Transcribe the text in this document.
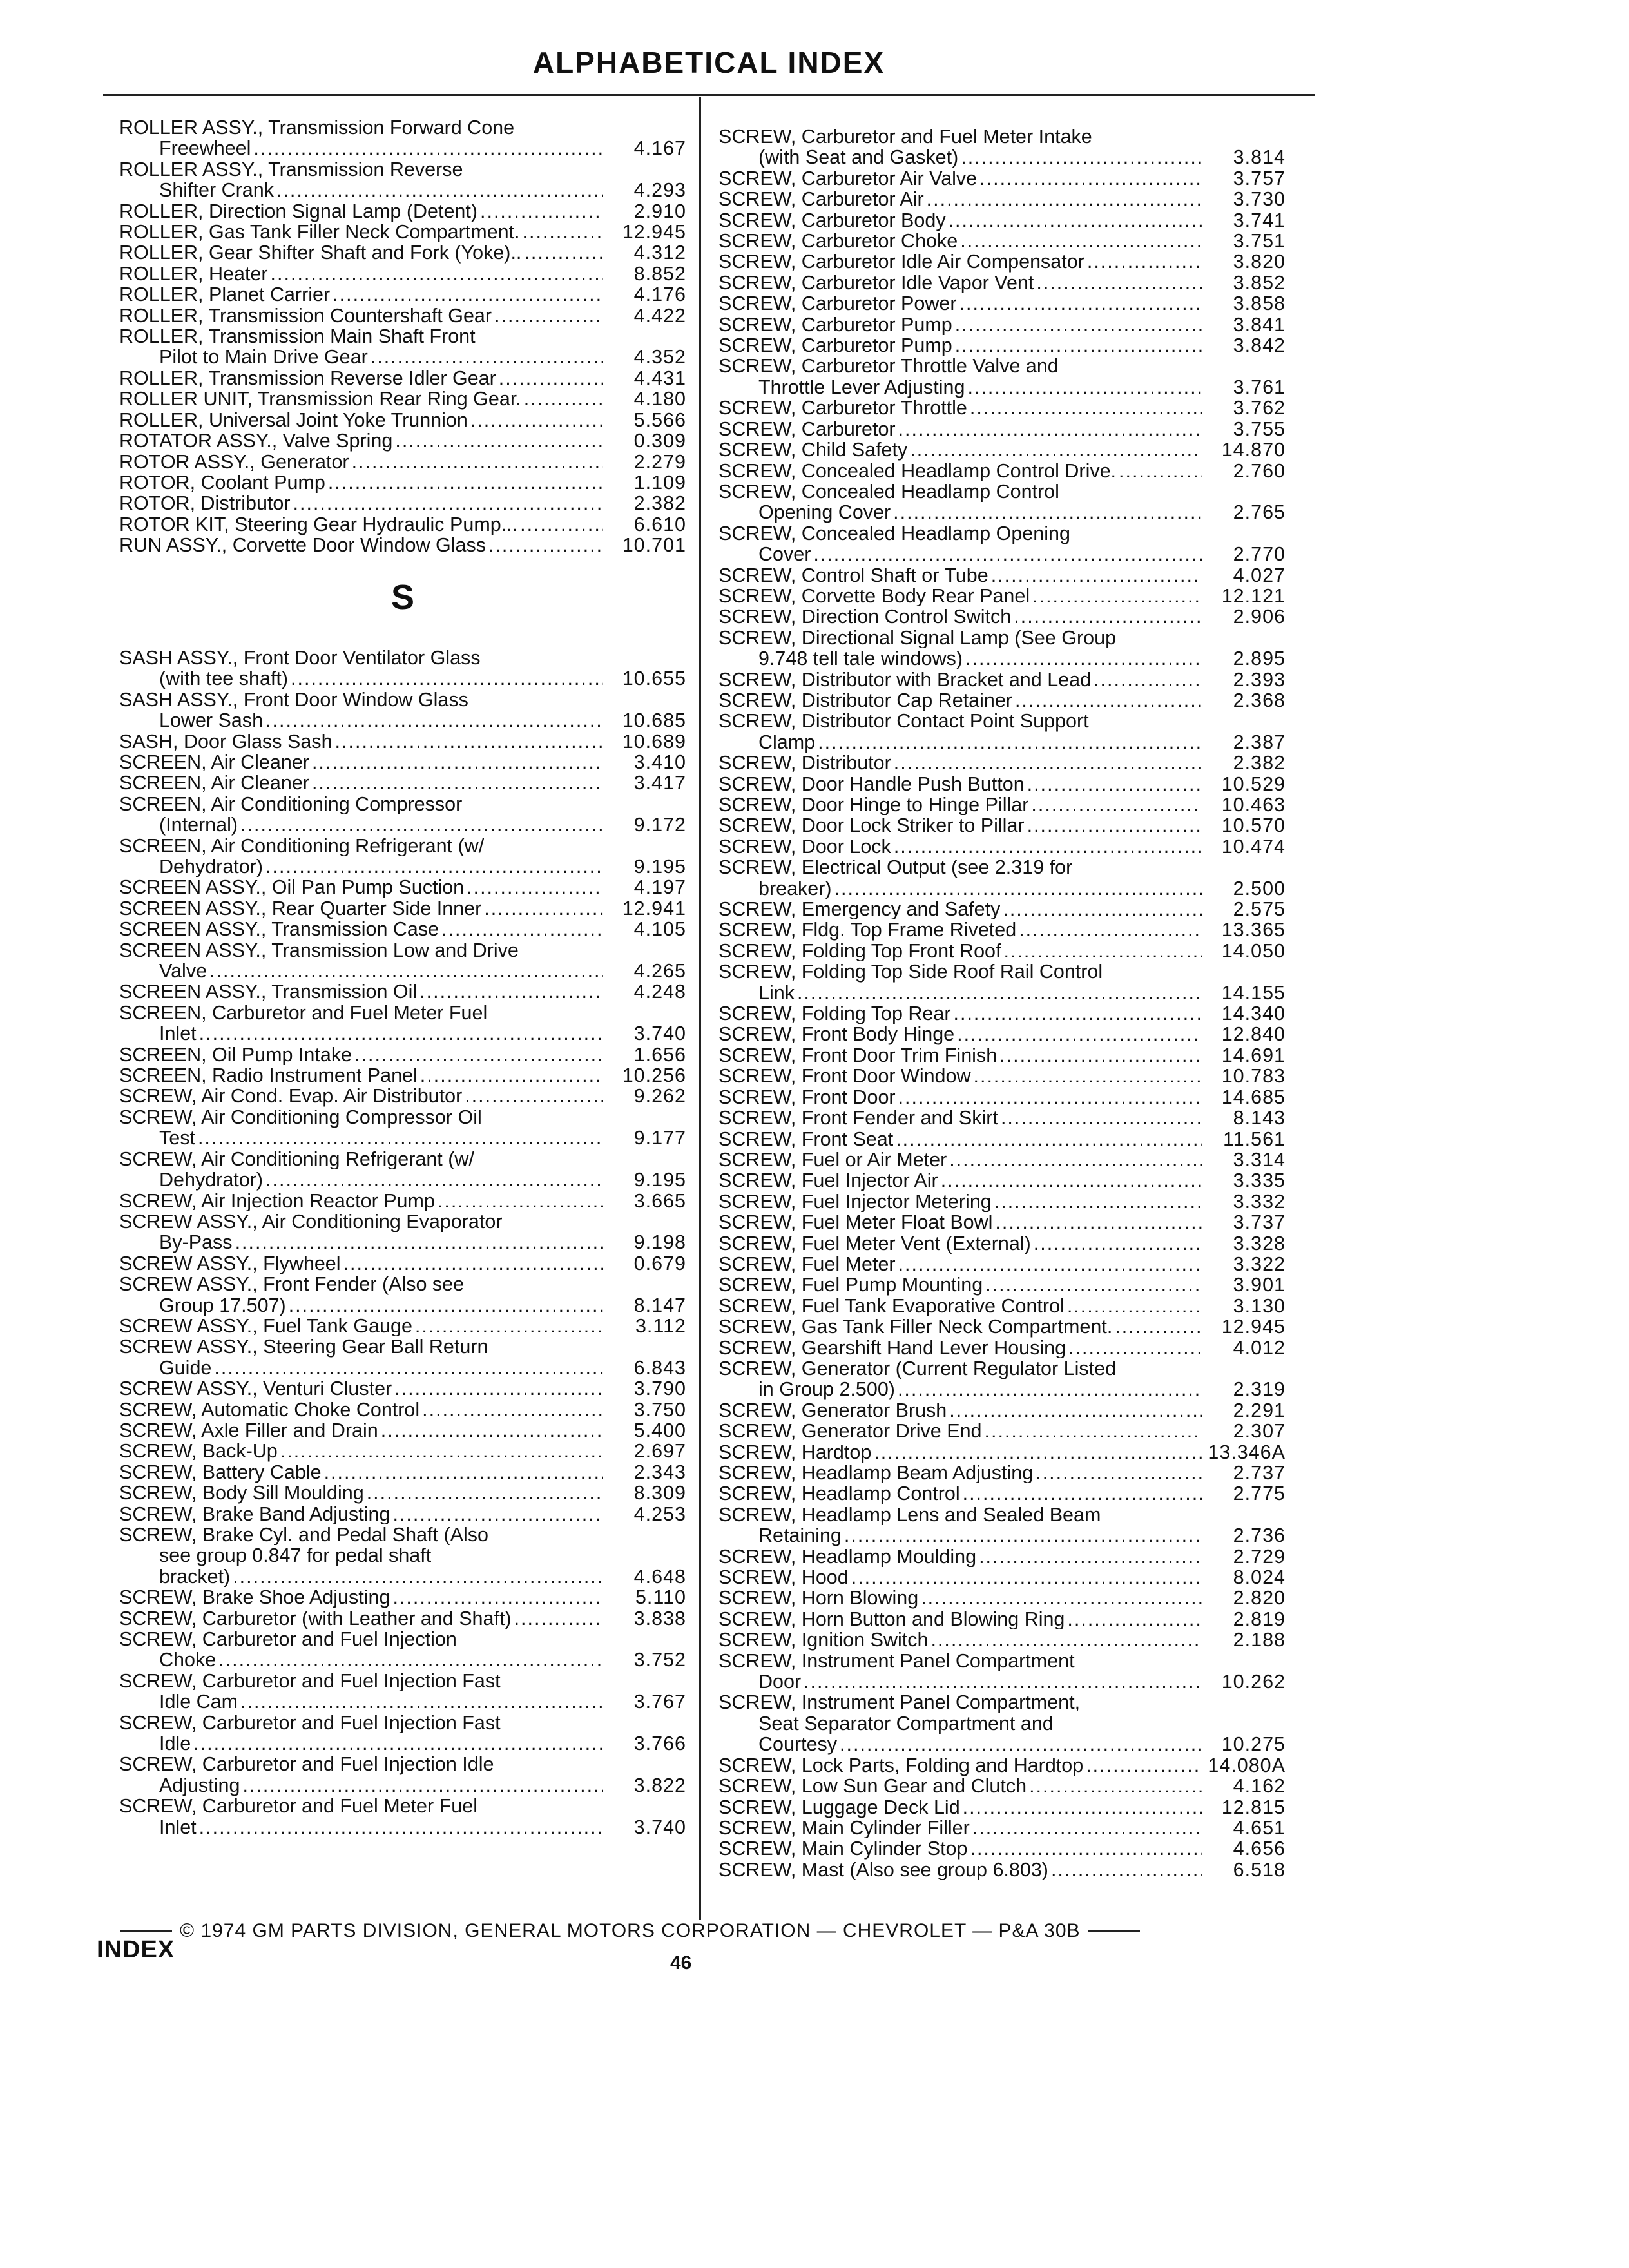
ALPHABETICAL INDEX
ROLLER ASSY., Transmission Forward Cone
Freewheel .....	4.167
ROLLER ASSY., Transmission Reverse
Shifter Crank .....	4.293
ROLLER, Direction Signal Lamp (Detent) .....	2.910
ROLLER, Gas Tank Filler Neck Compartment. .....	12.945
ROLLER, Gear Shifter Shaft and Fork (Yoke).. .....	4.312
ROLLER, Heater .....	8.852
ROLLER, Planet Carrier .....	4.176
ROLLER, Transmission Countershaft Gear .....	4.422
ROLLER, Transmission Main Shaft Front
Pilot to Main Drive Gear .....	4.352
ROLLER, Transmission Reverse Idler Gear .....	4.431
ROLLER UNIT, Transmission Rear Ring Gear. .....	4.180
ROLLER, Universal Joint Yoke Trunnion .....	5.566
ROTATOR ASSY., Valve Spring .....	0.309
ROTOR ASSY., Generator .....	2.279
ROTOR, Coolant Pump .....	1.109
ROTOR, Distributor .....	2.382
ROTOR KIT, Steering Gear Hydraulic Pump... .....	6.610
RUN ASSY., Corvette Door Window Glass .....	10.701
S
SASH ASSY., Front Door Ventilator Glass
(with tee shaft) .....	10.655
SASH ASSY., Front Door Window Glass
Lower Sash .....	10.685
SASH, Door Glass Sash .....	10.689
SCREEN, Air Cleaner .....	3.410
SCREEN, Air Cleaner .....	3.417
SCREEN, Air Conditioning Compressor
(Internal) .....	9.172
SCREEN, Air Conditioning Refrigerant (w/
Dehydrator) .....	9.195
SCREEN ASSY., Oil Pan Pump Suction .....	4.197
SCREEN ASSY., Rear Quarter Side Inner .....	12.941
SCREEN ASSY., Transmission Case .....	4.105
SCREEN ASSY., Transmission Low and Drive
Valve .....	4.265
SCREEN ASSY., Transmission Oil .....	4.248
SCREEN, Carburetor and Fuel Meter Fuel
Inlet .....	3.740
SCREEN, Oil Pump Intake .....	1.656
SCREEN, Radio Instrument Panel .....	10.256
SCREW, Air Cond. Evap. Air Distributor .....	9.262
SCREW, Air Conditioning Compressor Oil
Test .....	9.177
SCREW, Air Conditioning Refrigerant (w/
Dehydrator) .....	9.195
SCREW, Air Injection Reactor Pump .....	3.665
SCREW ASSY., Air Conditioning Evaporator
By-Pass .....	9.198
SCREW ASSY., Flywheel .....	0.679
SCREW ASSY., Front Fender (Also see
Group 17.507) .....	8.147
SCREW ASSY., Fuel Tank Gauge .....	3.112
SCREW ASSY., Steering Gear Ball Return
Guide .....	6.843
SCREW ASSY., Venturi Cluster .....	3.790
SCREW, Automatic Choke Control .....	3.750
SCREW, Axle Filler and Drain .....	5.400
SCREW, Back-Up .....	2.697
SCREW, Battery Cable .....	2.343
SCREW, Body Sill Moulding .....	8.309
SCREW, Brake Band Adjusting .....	4.253
SCREW, Brake Cyl. and Pedal Shaft (Also
see group 0.847 for pedal shaft
bracket) .....	4.648
SCREW, Brake Shoe Adjusting .....	5.110
SCREW, Carburetor (with Leather and Shaft) .....	3.838
SCREW, Carburetor and Fuel Injection
Choke .....	3.752
SCREW, Carburetor and Fuel Injection Fast
Idle Cam .....	3.767
SCREW, Carburetor and Fuel Injection Fast
Idle .....	3.766
SCREW, Carburetor and Fuel Injection Idle
Adjusting .....	3.822
SCREW, Carburetor and Fuel Meter Fuel
Inlet .....	3.740
SCREW, Carburetor and Fuel Meter Intake
(with Seat and Gasket) .....	3.814
SCREW, Carburetor Air Valve .....	3.757
SCREW, Carburetor Air .....	3.730
SCREW, Carburetor Body .....	3.741
SCREW, Carburetor Choke .....	3.751
SCREW, Carburetor Idle Air Compensator .....	3.820
SCREW, Carburetor Idle Vapor Vent .....	3.852
SCREW, Carburetor Power .....	3.858
SCREW, Carburetor Pump .....	3.841
SCREW, Carburetor Pump .....	3.842
SCREW, Carburetor Throttle Valve and
Throttle Lever Adjusting .....	3.761
SCREW, Carburetor Throttle .....	3.762
SCREW, Carburetor .....	3.755
SCREW, Child Safety .....	14.870
SCREW, Concealed Headlamp Control Drive. .....	2.760
SCREW, Concealed Headlamp Control
Opening Cover .....	2.765
SCREW, Concealed Headlamp Opening
Cover .....	2.770
SCREW, Control Shaft or Tube .....	4.027
SCREW, Corvette Body Rear Panel .....	12.121
SCREW, Direction Control Switch .....	2.906
SCREW, Directional Signal Lamp (See Group
9.748 tell tale windows) .....	2.895
SCREW, Distributor with Bracket and Lead .....	2.393
SCREW, Distributor Cap Retainer .....	2.368
SCREW, Distributor Contact Point Support
Clamp .....	2.387
SCREW, Distributor .....	2.382
SCREW, Door Handle Push Button .....	10.529
SCREW, Door Hinge to Hinge Pillar .....	10.463
SCREW, Door Lock Striker to Pillar .....	10.570
SCREW, Door Lock .....	10.474
SCREW, Electrical Output (see 2.319 for
breaker) .....	2.500
SCREW, Emergency and Safety .....	2.575
SCREW, Fldg. Top Frame Riveted .....	13.365
SCREW, Folding Top Front Roof .....	14.050
SCREW, Folding Top Side Roof Rail Control
Link .....	14.155
SCREW, Folding Top Rear .....	14.340
SCREW, Front Body Hinge .....	12.840
SCREW, Front Door Trim Finish .....	14.691
SCREW, Front Door Window .....	10.783
SCREW, Front Door .....	14.685
SCREW, Front Fender and Skirt .....	8.143
SCREW, Front Seat .....	11.561
SCREW, Fuel or Air Meter .....	3.314
SCREW, Fuel Injector Air .....	3.335
SCREW, Fuel Injector Metering .....	3.332
SCREW, Fuel Meter Float Bowl .....	3.737
SCREW, Fuel Meter Vent (External) .....	3.328
SCREW, Fuel Meter .....	3.322
SCREW, Fuel Pump Mounting .....	3.901
SCREW, Fuel Tank Evaporative Control .....	3.130
SCREW, Gas Tank Filler Neck Compartment. .....	12.945
SCREW, Gearshift Hand Lever Housing .....	4.012
SCREW, Generator (Current Regulator Listed
in Group 2.500) .....	2.319
SCREW, Generator Brush .....	2.291
SCREW, Generator Drive End .....	2.307
SCREW, Hardtop .....	13.346A
SCREW, Headlamp Beam Adjusting .....	2.737
SCREW, Headlamp Control .....	2.775
SCREW, Headlamp Lens and Sealed Beam
Retaining .....	2.736
SCREW, Headlamp Moulding .....	2.729
SCREW, Hood .....	8.024
SCREW, Horn Blowing .....	2.820
SCREW, Horn Button and Blowing Ring .....	2.819
SCREW, Ignition Switch .....	2.188
SCREW, Instrument Panel Compartment
Door .....	10.262
SCREW, Instrument Panel Compartment,
Seat Separator Compartment and
Courtesy .....	10.275
SCREW, Lock Parts, Folding and Hardtop .....	14.080A
SCREW, Low Sun Gear and Clutch .....	4.162
SCREW, Luggage Deck Lid .....	12.815
SCREW, Main Cylinder Filler .....	4.651
SCREW, Main Cylinder Stop .....	4.656
SCREW, Mast (Also see group 6.803) .....	6.518
© 1974 GM PARTS DIVISION, GENERAL MOTORS CORPORATION — CHEVROLET — P&A 30B
INDEX	46
